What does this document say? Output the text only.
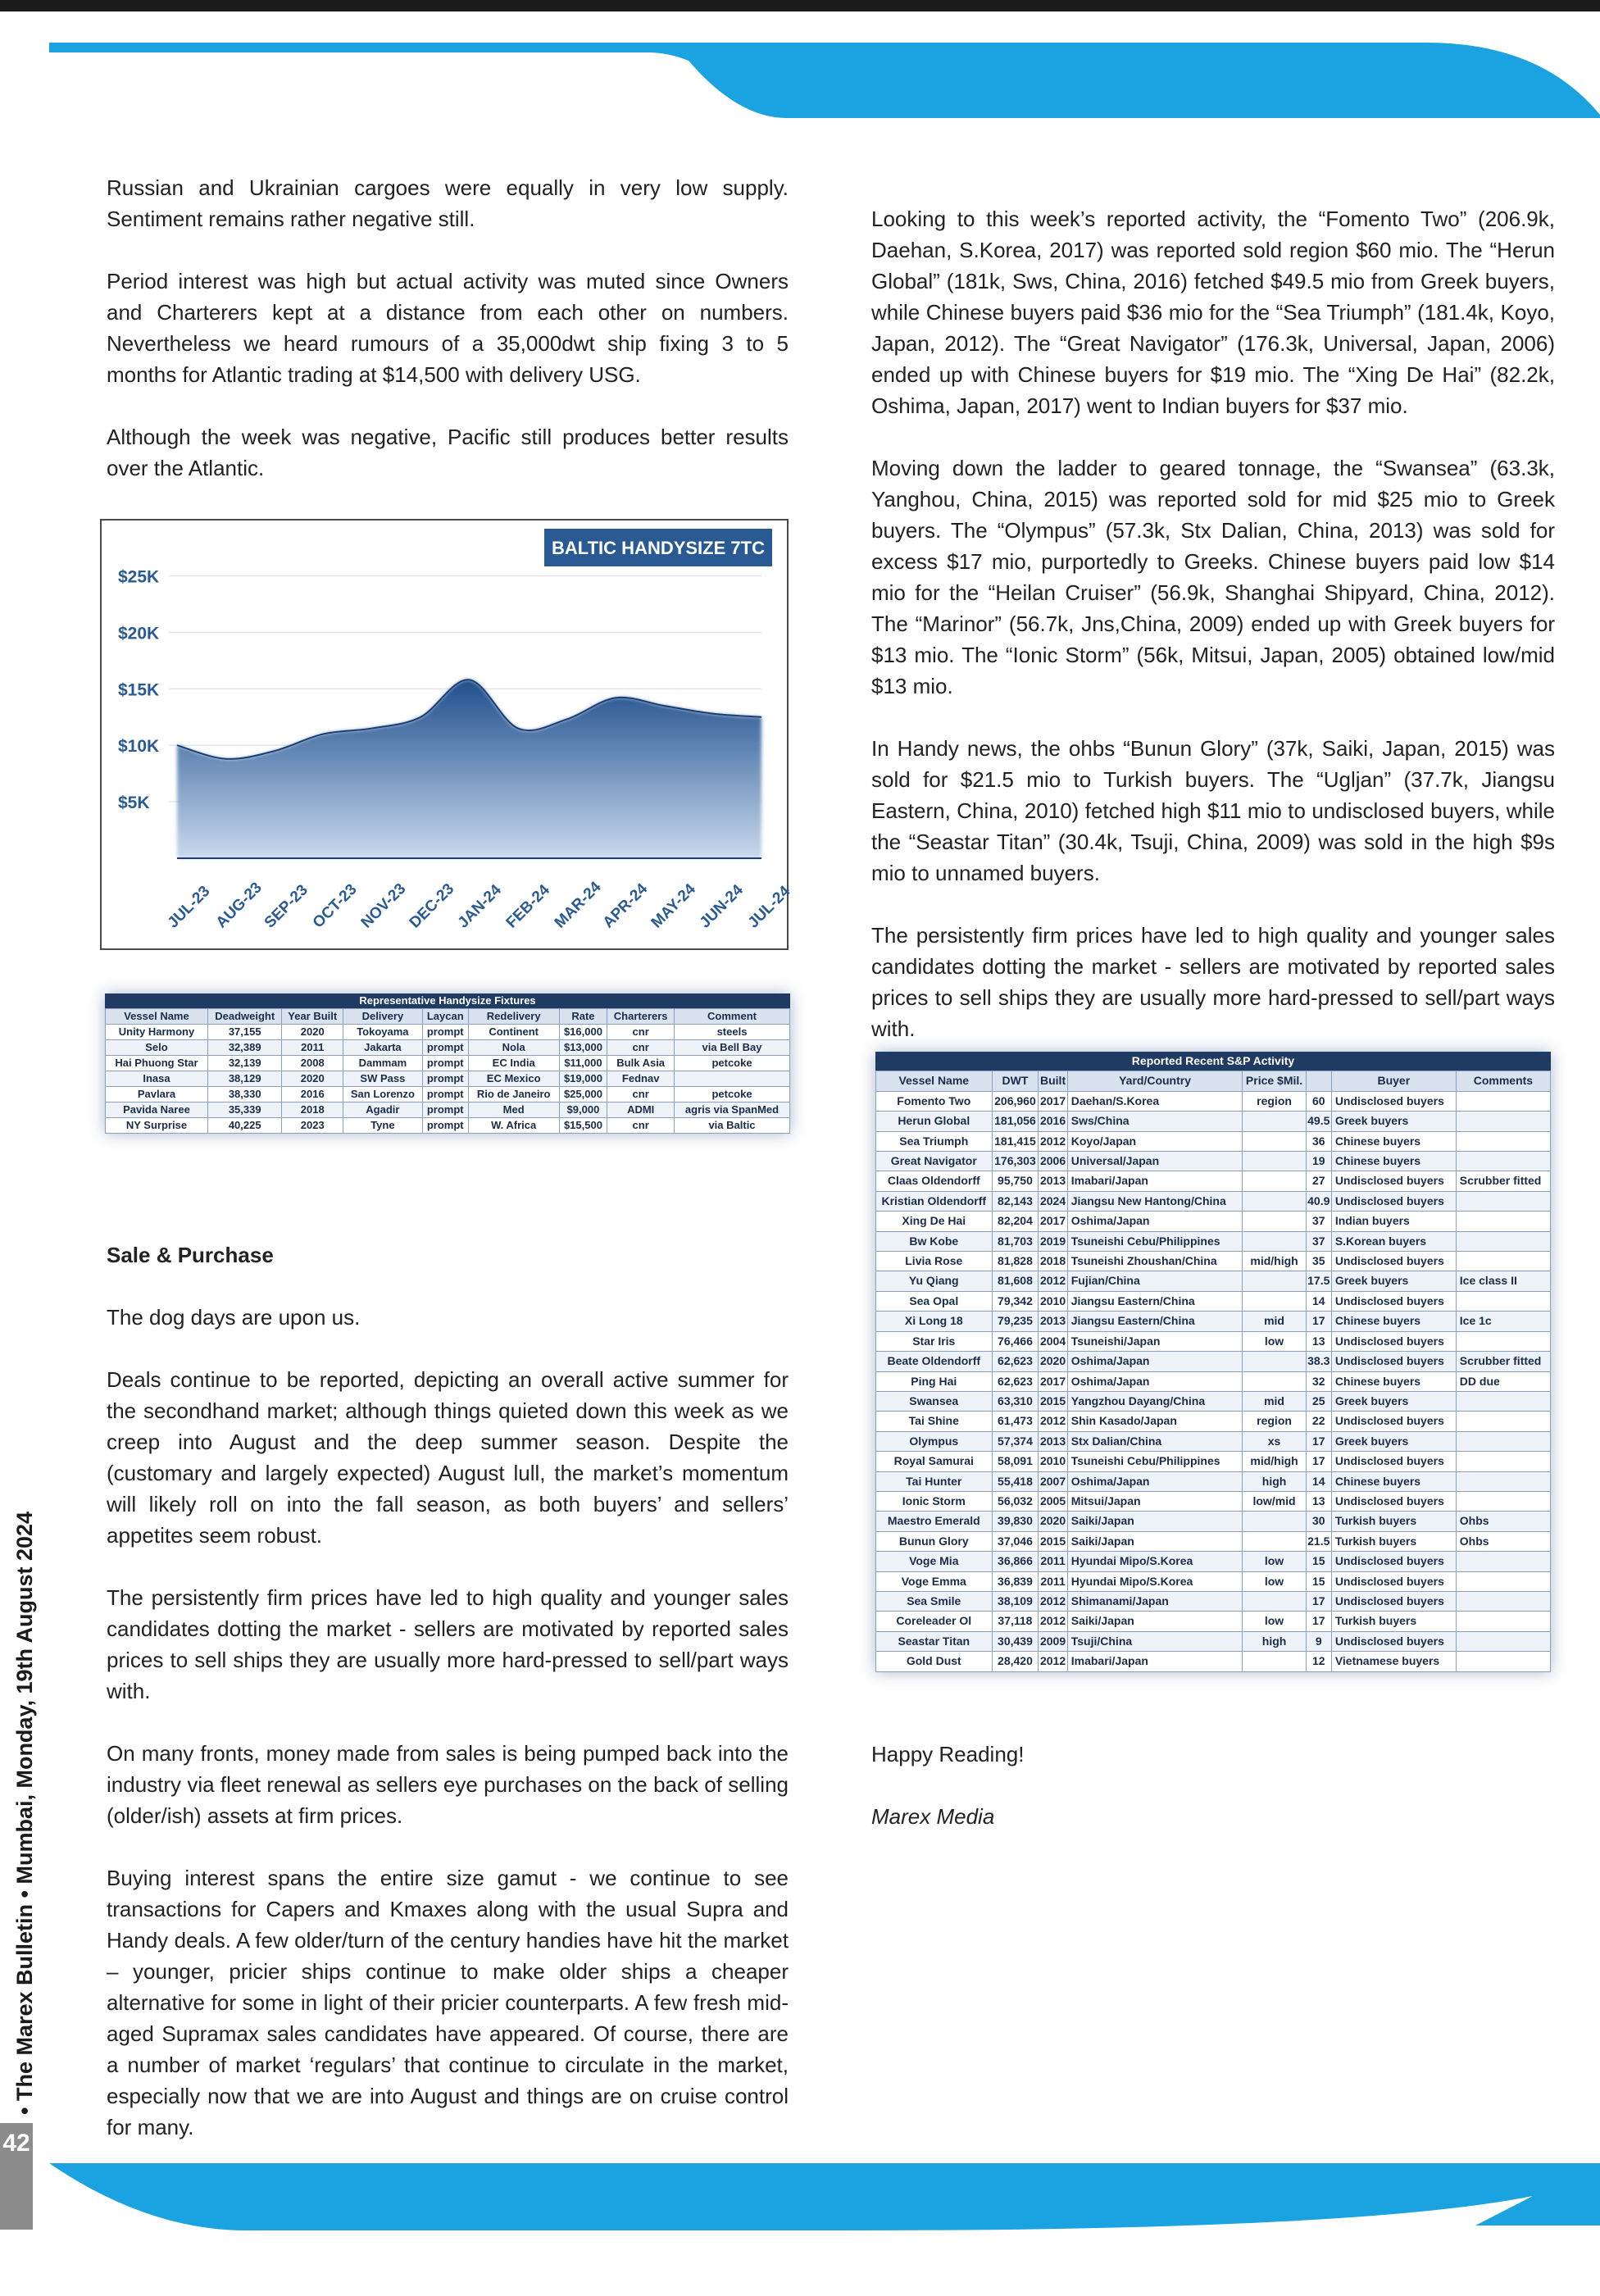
Russian and Ukrainian cargoes were equally in very low supply. Sentiment remains rather negative still.

Period interest was high but actual activity was muted since Owners and Charterers kept at a distance from each other on numbers. Nevertheless we heard rumours of a 35,000dwt ship fixing 3 to 5 months for Atlantic trading at $14,500 with delivery USG.

Although the week was negative, Pacific still produces better results over the Atlantic.

$25K
$20K
$15K
$10K
$5K
JUL-23 AUG-23
SEP-23
OCT-23
NOV-23
DEC-23
JAN-24
FEB-24
MAR-24
APR-24
MAY-24
JUN-24
JUL-24
BALTIC HANDYSIZE 7TC
Representative Handysize Fixtures
Vessel Name	Deadweight	Year Built	Delivery	Laycan	Redelivery	Rate	Charterers	Comment
Unity Harmony	37,155	2020	Tokoyama	prompt	Continent	$16,000	cnr	steels
Selo	32,389	2011	Jakarta	prompt	Nola	$13,000	cnr	via Bell Bay
Hai Phuong Star	32,139	2008	Dammam	prompt	EC India	$11,000	Bulk Asia	petcoke
Inasa	38,129	2020	SW Pass	prompt	EC Mexico	$19,000	Fednav	
Pavlara	38,330	2016	San Lorenzo	prompt	Rio de Janeiro	$25,000	cnr	petcoke
Pavida Naree	35,339	2018	Agadir	prompt	Med	$9,000	ADMI	agris via SpanMed
NY Surprise	40,225	2023	Tyne	prompt	W. Africa	$15,500	cnr	via Baltic

Sale & Purchase

The dog days are upon us.

Deals continue to be reported, depicting an overall active summer for the secondhand market; although things quieted down this week as we creep into August and the deep summer season. Despite the (customary and largely expected) August lull, the market’s momentum will likely roll on into the fall season, as both buyers’ and sellers’ appetites seem robust.

The persistently firm prices have led to high quality and younger sales candidates dotting the market - sellers are motivated by reported sales prices to sell ships they are usually more hard-pressed to sell/part ways with.

On many fronts, money made from sales is being pumped back into the industry via fleet renewal as sellers eye purchases on the back of selling (older/ish) assets at firm prices.

Buying interest spans the entire size gamut - we continue to see transactions for Capers and Kmaxes along with the usual Supra and Handy deals. A few older/turn of the century handies have hit the market – younger, pricier ships continue to make older ships a cheaper alternative for some in light of their pricier counterparts. A few fresh mid-aged Supramax sales candidates have appeared. Of course, there are a number of market ‘regulars’ that continue to circulate in the market, especially now that we are into August and things are on cruise control for many.

Looking to this week’s reported activity, the “Fomento Two” (206.9k, Daehan, S.Korea, 2017) was reported sold region $60 mio. The “Herun Global” (181k, Sws, China, 2016) fetched $49.5 mio from Greek buyers, while Chinese buyers paid $36 mio for the “Sea Triumph” (181.4k, Koyo, Japan, 2012). The “Great Navigator” (176.3k, Universal, Japan, 2006) ended up with Chinese buyers for $19 mio. The “Xing De Hai” (82.2k, Oshima, Japan, 2017) went to Indian buyers for $37 mio.

Moving down the ladder to geared tonnage, the “Swansea” (63.3k, Yanghou, China, 2015) was reported sold for mid $25 mio to Greek buyers. The “Olympus” (57.3k, Stx Dalian, China, 2013) was sold for excess $17 mio, purportedly to Greeks. Chinese buyers paid low $14 mio for the “Heilan Cruiser” (56.9k, Shanghai Shipyard, China, 2012). The “Marinor” (56.7k, Jns,China, 2009) ended up with Greek buyers for $13 mio. The “Ionic Storm” (56k, Mitsui, Japan, 2005) obtained low/mid $13 mio.

In Handy news, the ohbs “Bunun Glory” (37k, Saiki, Japan, 2015) was sold for $21.5 mio to Turkish buyers. The “Ugljan” (37.7k, Jiangsu Eastern, China, 2010) fetched high $11 mio to undisclosed buyers, while the “Seastar Titan” (30.4k, Tsuji, China, 2009) was sold in the high $9s mio to unnamed buyers.

The persistently firm prices have led to high quality and younger sales candidates dotting the market - sellers are motivated by reported sales prices to sell ships they are usually more hard-pressed to sell/part ways with.

Reported Recent S&P Activity
Vessel Name	DWT	Built	Yard/Country	Price $Mil.		Buyer	Comments
Fomento Two	206,960	2017	Daehan/S.Korea	region	60	Undisclosed buyers	
Herun Global	181,056	2016	Sws/China		49.5	Greek buyers	
Sea Triumph	181,415	2012	Koyo/Japan		36	Chinese buyers	
Great Navigator	176,303	2006	Universal/Japan		19	Chinese buyers	
Claas Oldendorff	95,750	2013	Imabari/Japan		27	Undisclosed buyers	Scrubber fitted
Kristian Oldendorff	82,143	2024	Jiangsu New Hantong/China		40.9	Undisclosed buyers	
Xing De Hai	82,204	2017	Oshima/Japan		37	Indian buyers	
Bw Kobe	81,703	2019	Tsuneishi Cebu/Philippines		37	S.Korean buyers	
Livia Rose	81,828	2018	Tsuneishi Zhoushan/China	mid/high	35	Undisclosed buyers	
Yu Qiang	81,608	2012	Fujian/China		17.5	Greek buyers	Ice class II
Sea Opal	79,342	2010	Jiangsu Eastern/China		14	Undisclosed buyers	
Xi Long 18	79,235	2013	Jiangsu Eastern/China	mid	17	Chinese buyers	Ice 1c
Star Iris	76,466	2004	Tsuneishi/Japan	low	13	Undisclosed buyers	
Beate Oldendorff	62,623	2020	Oshima/Japan		38.3	Undisclosed buyers	Scrubber fitted
Ping Hai	62,623	2017	Oshima/Japan		32	Chinese buyers	DD due
Swansea	63,310	2015	Yangzhou Dayang/China	mid	25	Greek buyers	
Tai Shine	61,473	2012	Shin Kasado/Japan	region	22	Undisclosed buyers	
Olympus	57,374	2013	Stx Dalian/China	xs	17	Greek buyers	
Royal Samurai	58,091	2010	Tsuneishi Cebu/Philippines	mid/high	17	Undisclosed buyers	
Tai Hunter	55,418	2007	Oshima/Japan	high	14	Chinese buyers	
Ionic Storm	56,032	2005	Mitsui/Japan	low/mid	13	Undisclosed buyers	
Maestro Emerald	39,830	2020	Saiki/Japan		30	Turkish buyers	Ohbs
Bunun Glory	37,046	2015	Saiki/Japan		21.5	Turkish buyers	Ohbs
Voge Mia	36,866	2011	Hyundai Mipo/S.Korea	low	15	Undisclosed buyers	
Voge Emma	36,839	2011	Hyundai Mipo/S.Korea	low	15	Undisclosed buyers	
Sea Smile	38,109	2012	Shimanami/Japan		17	Undisclosed buyers	
Coreleader Ol	37,118	2012	Saiki/Japan	low	17	Turkish buyers	
Seastar Titan	30,439	2009	Tsuji/China	high	9	Undisclosed buyers	
Gold Dust	28,420	2012	Imabari/Japan		12	Vietnamese buyers	

Happy Reading!

Marex Media

• The Marex Bulletin • Mumbai, Monday, 19th August 2024
42
